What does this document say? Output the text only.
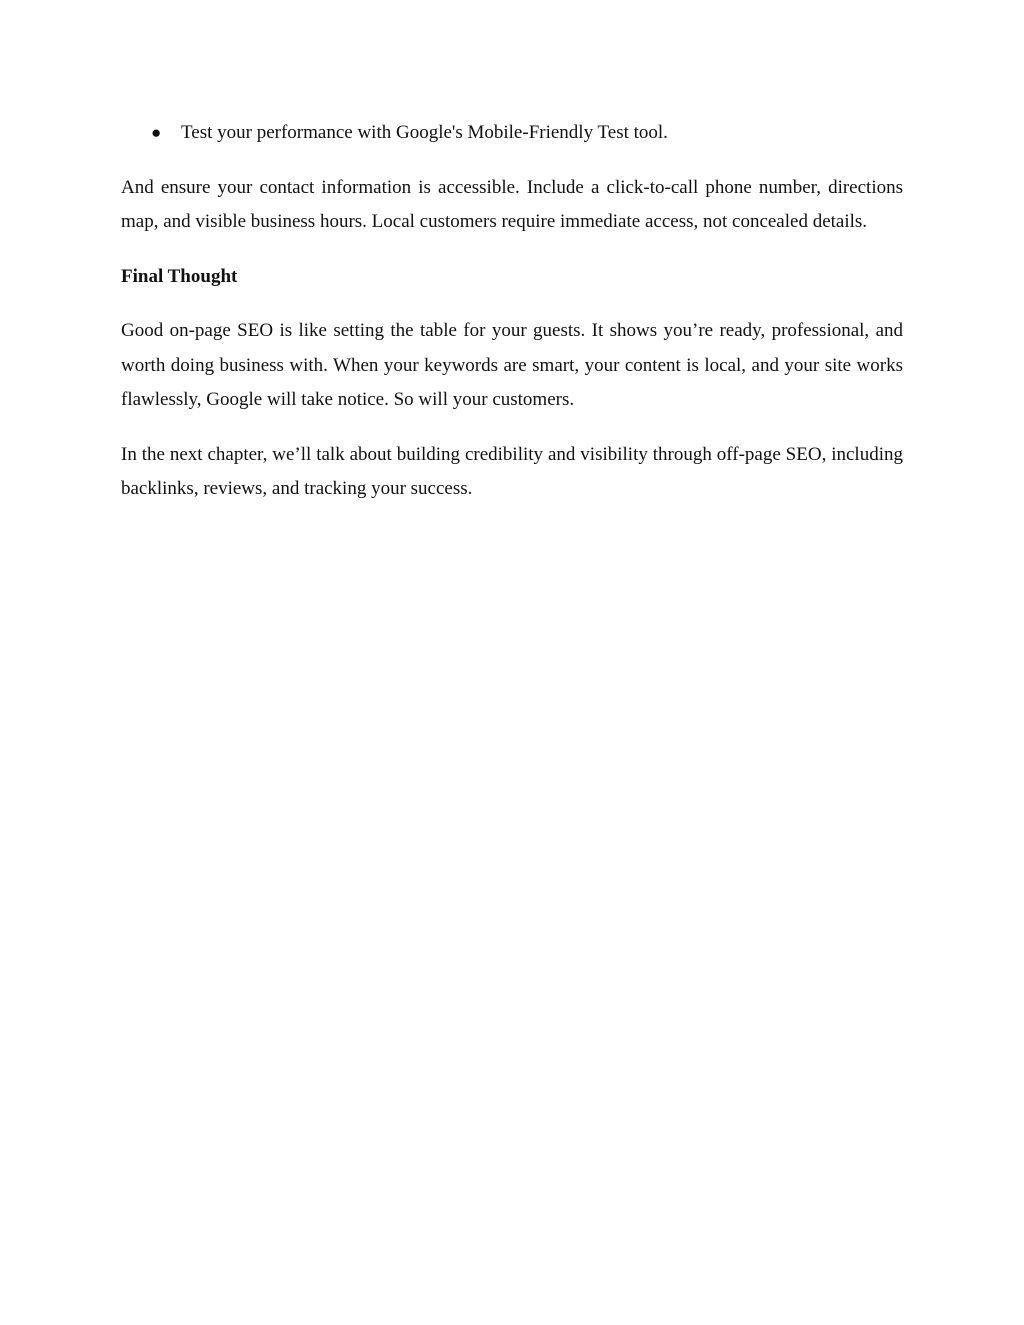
● Test your performance with Google's Mobile-Friendly Test tool.

And ensure your contact information is accessible. Include a click-to-call phone number, directions map, and visible business hours. Local customers require immediate access, not concealed details.

Final Thought

Good on-page SEO is like setting the table for your guests. It shows you’re ready, professional, and worth doing business with. When your keywords are smart, your content is local, and your site works flawlessly, Google will take notice. So will your customers.

In the next chapter, we’ll talk about building credibility and visibility through off-page SEO, including backlinks, reviews, and tracking your success.
